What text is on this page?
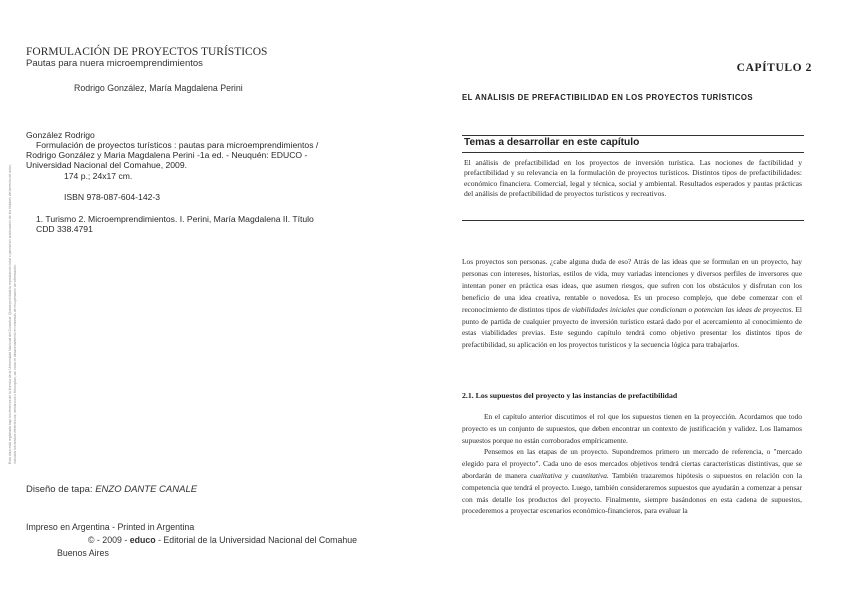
FORMULACIÓN DE PROYECTOS TURÍSTICOS
Pautas para nuera microemprendimientos
Rodrigo González, María Magdalena Perini
González Rodrigo
Formulación de proyectos turísticos : pautas para microemprendimientos /
Rodrigo González y Maria Magdalena Perini -1a ed. - Neuquén: EDUCO -
Universidad Nacional del Comahue, 2009.
174 p.; 24x17 cm.
ISBN 978-087-604-142-3
1. Turismo 2. Microemprendimientos. I. Perini, María Magdalena II. Título
CDD 338.4791
Esta obra está registrada bajo los términos de la licencia de la Universidad Nacional del Comahue. Queda prohibida la reproducción total o parcial sin autorización de los titulares del derecho de autor, incluidos los medios electrónicos, mecánicos o fotocopias, así como el almacenamiento en sistemas de recuperación de información.
Diseño de tapa: ENZO DANTE CANALE
Impreso en Argentina - Printed in Argentina
© - 2009 - educo - Editorial de la Universidad Nacional del Comahue
Buenos Aires
CAPÍTULO 2
EL ANÁLISIS DE PREFACTIBILIDAD EN LOS PROYECTOS TURÍSTICOS
Temas a desarrollar en este capítulo
El análisis de prefactibilidad en los proyectos de inversión turística. Las nociones de factibilidad y prefactibilidad y su relevancia en la formulación de proyectos turísticos. Distintos tipos de prefactibilidades: económico financiera. Comercial, legal y técnica, social y ambiental. Resultados esperados y pautas prácticas del análisis de prefactibilidad de proyectos turísticos y recreativos.
Los proyectos son personas. ¿cabe alguna duda de eso? Atrás de las ideas que se formulan en un proyecto, hay personas con intereses, historias, estilos de vida, muy variadas intenciones y diversos perfiles de inversores que intentan poner en práctica esas ideas, que asumen riesgos, que sufren con los obstáculos y disfrutan con los beneficio de una idea creativa, rentable o novedosa. Es un proceso complejo, que debe comenzar con el reconocimiento de distintos tipos de viabilidades iniciales que condicionan o potencian las ideas de proyectos. El punto de partida de cualquier proyecto de inversión turístico estará dado por el acercamiento al conocimiento de estas viabilidades previas. Este segundo capítulo tendrá como objetivo presentar los distintos tipos de prefactibilidad, su aplicación en los proyectos turísticos y la secuencia lógica para trabajarlos.
2.1. Los supuestos del proyecto y las instancias de prefactibilidad

En el capítulo anterior discutimos el rol que los supuestos tienen en la proyección. Acordamos que todo proyecto es un conjunto de supuestos, que deben encontrar un contexto de justificación y validez. Los llamamos supuestos porque no están corroborados empíricamente.

Pensemos en las etapas de un proyecto. Supondremos primero un mercado de referencia, o "mercado elegido para el proyecto". Cada uno de esos mercados objetivos tendrá ciertas características distintivas, que se abordarán de manera cualitativa y cuantitativa. También trazaremos hipótesis o supuestos en relación con la competencia que tendrá el proyecto. Luego, también consideraremos supuestos que ayudarán a comenzar a pensar con más detalle los productos del proyecto. Finalmente, siempre basándonos en esta cadena de supuestos, procederemos a proyectar escenarios económico-financieros, para evaluar la
